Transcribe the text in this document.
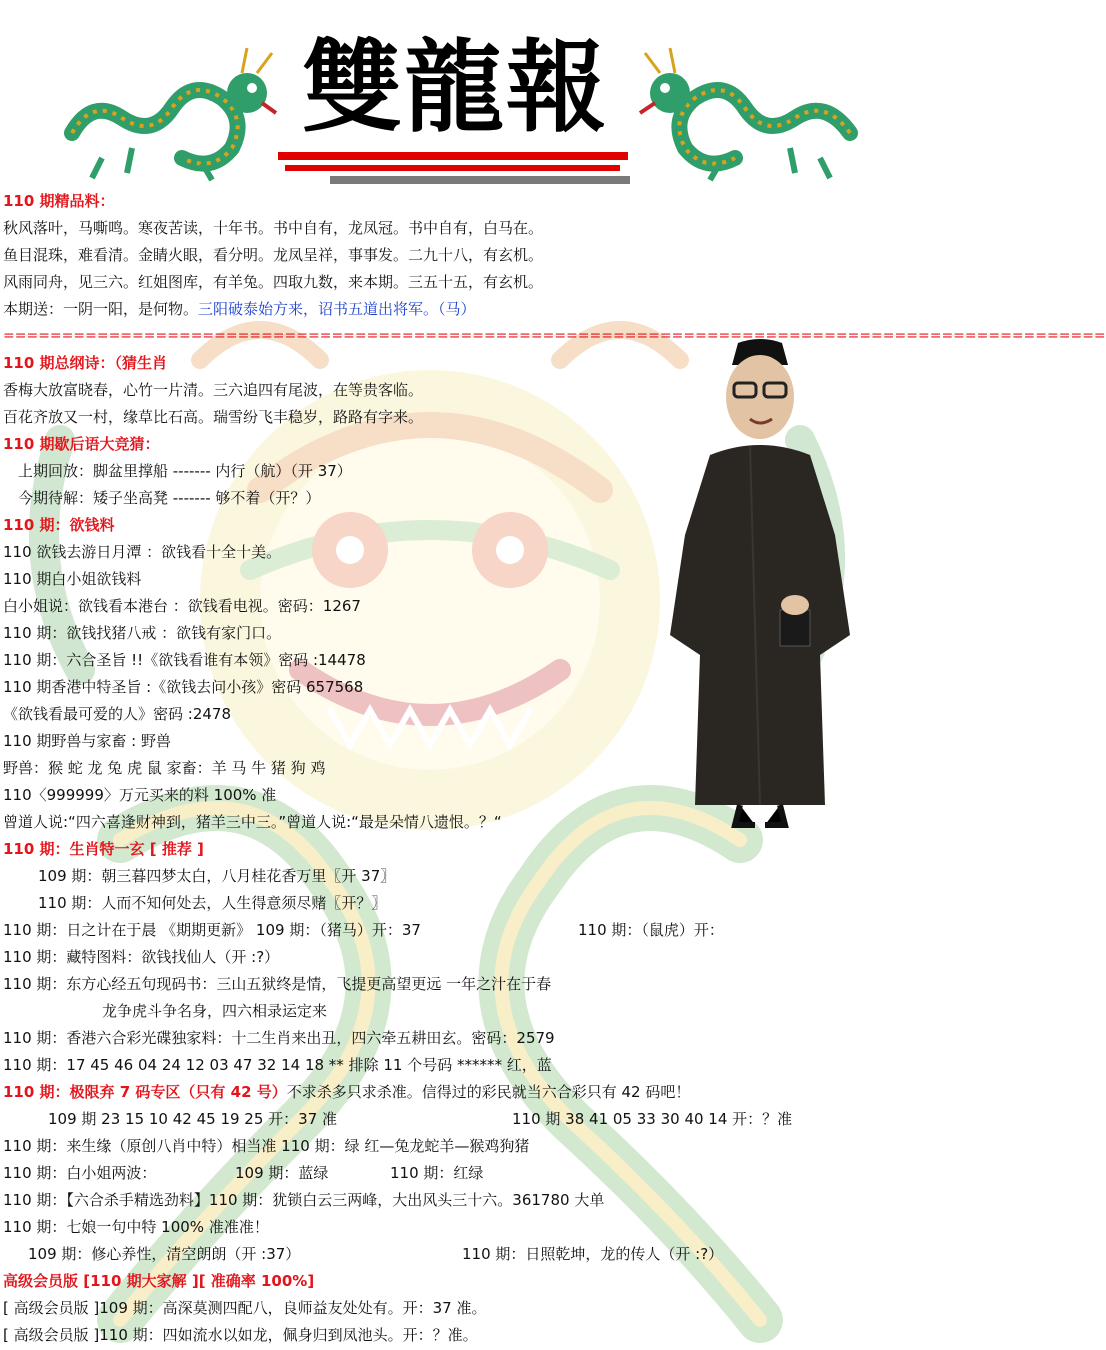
雙龍報
110 期精品料：
秋风落叶，马嘶鸣。寒夜苦读，十年书。书中自有，龙凤冠。书中自有，白马在。
鱼目混珠，难看清。金睛火眼，看分明。龙凤呈祥，事事发。二九十八，有玄机。
风雨同舟，见三六。红姐图库，有羊兔。四取九数，来本期。三五十五，有玄机。
本期送：一阴一阳，是何物。三阳破泰始方来，诏书五道出将军。（马）
==============================================================================================
110 期总纲诗：（猜生肖
香梅大放富晓春，心竹一片清。三六追四有尾波，在等贵客临。
百花齐放又一村，缘草比石高。瑞雪纷飞丰稳岁，路路有字来。
110 期歇后语大竞猜：
上期回放：脚盆里撑船 ------- 内行（航）（开 37）
今期待解：矮子坐高凳 ------- 够不着（开？）
110 期：欲钱料
110 欲钱去游日月潭 ：欲钱看十全十美。
110 期白小姐欲钱料
白小姐说：欲钱看本港台 ：欲钱看电视。密码：1267
110 期：欲钱找猪八戒 ：欲钱有家门口。
110 期：六合圣旨 !!《欲钱看谁有本领》密码 :14478
110 期香港中特圣旨 :《欲钱去问小孩》密码 657568
《欲钱看最可爱的人》密码 :2478
110 期野兽与家畜 : 野兽
野兽：猴 蛇 龙 兔 虎 鼠 家畜：羊 马 牛 猪 狗 鸡
110〈999999〉万元买来的料 100% 准
曾道人说:“四六喜逢财神到，猪羊三中三。”曾道人说:“最是朵情八遗恨。？“
110 期：生肖特一玄 [ 推荐 ]
109 期：朝三暮四梦太白，八月桂花香万里〖开 37〗
110 期：人而不知何处去，人生得意须尽赌〖开？〗
110 期：日之计在于晨 《期期更新》 109 期：（猪马）开：37	110 期：（鼠虎）开：
110 期：藏特图料：欲钱找仙人（开 :?）
110 期：东方心经五句现码书：三山五狱终是情，飞提更高望更远 一年之汁在于春
龙争虎斗争名身，四六相录运定来
110 期：香港六合彩光碟独家料：十二生肖来出丑，四六牵五耕田玄。密码：2579
110 期：17 45 46 04 24 12 03 47 32 14 18 ** 排除 11 个号码 ****** 红，蓝
110 期：极限弃 7 码专区（只有 42 号）不求杀多只求杀准。信得过的彩民就当六合彩只有 42 码吧！
109 期 23 15 10 42 45 19 25 开：37 准	110 期 38 41 05 33 30 40 14 开：？准
110 期：来生缘（原创八肖中特）相当准 110 期：绿 红—兔龙蛇羊—猴鸡狗猪
110 期：白小姐两波：	109 期：蓝绿	110 期：红绿
110 期：【六合杀手精选劲料】110 期：犹锁白云三两峰，大出风头三十六。361780 大单
110 期：七娘一句中特 100% 准准准！
109 期：修心养性，清空朗朗（开 :37）	110 期：日照乾坤，龙的传人（开 :?）
高级会员版 [110 期大家解 ][ 准确率 100%]
[ 高级会员版 ]109 期：高深莫测四配八，良师益友处处有。开：37 准。
[ 高级会员版 ]110 期：四如流水以如龙，佩身归到凤池头。开：？准。
